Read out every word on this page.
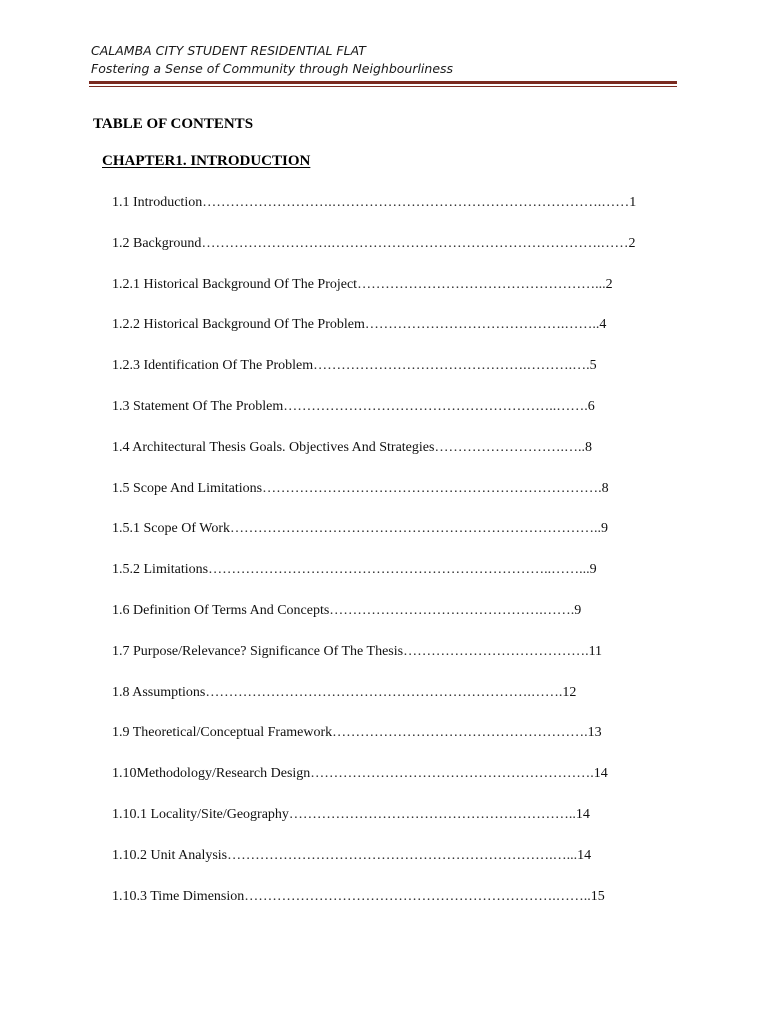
CALAMBA CITY STUDENT RESIDENTIAL FLAT
Fostering a Sense of Community through Neighbourliness
TABLE OF CONTENTS
CHAPTER1. INTRODUCTION
1.1 Introduction……………………….………………………………………………….……1
1.2 Background……………………….………………………………………………….……2
1.2.1 Historical Background Of The Project……………………………………………...2
1.2.2 Historical Background Of The Problem…………………………………….……..4
1.2.3 Identification Of The Problem……………………………………….……….….5
1.3 Statement Of The Problem…………………………………………………..…….6
1.4 Architectural Thesis Goals. Objectives And Strategies……………………….…..8
1.5 Scope And Limitations……………………………………………………………….8
1.5.1 Scope Of Work……………………………………………………………………..9
1.5.2 Limitations………………………………………………………………..……...9
1.6 Definition Of Terms And Concepts……………………………………….…….9
1.7 Purpose/Relevance? Significance Of The Thesis………………………………….11
1.8 Assumptions…………………………………………………………….…….12
1.9 Theoretical/Conceptual Framework……………………………………………….13
1.10Methodology/Research Design…………………………………………………….14
1.10.1 Locality/Site/Geography……………………………………………………..14
1.10.2 Unit Analysis…………………………………………………………….…...14
1.10.3 Time Dimension………………………………………………………….……..15
